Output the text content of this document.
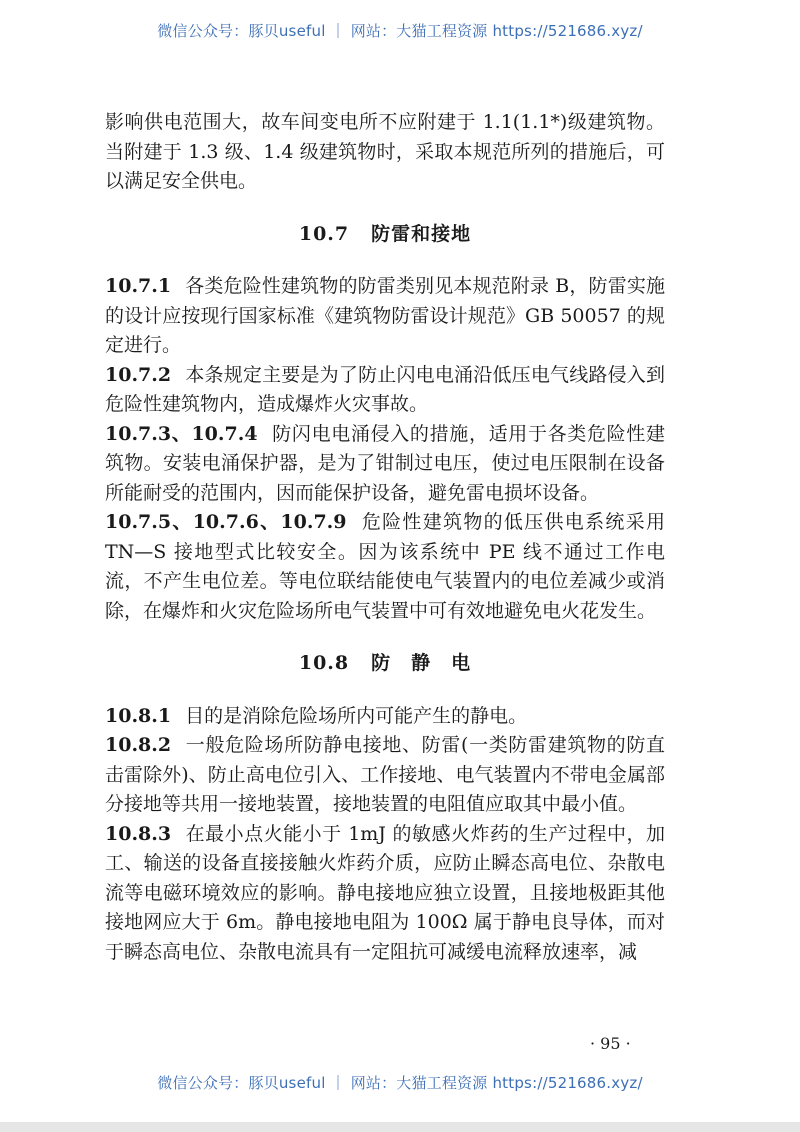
微信公众号：豚贝useful ｜ 网站：大猫工程资源 https://521686.xyz/

影响供电范围大，故车间变电所不应附建于 1.1(1.1*)级建筑物。当附建于 1.3 级、1.4 级建筑物时，采取本规范所列的措施后，可以满足安全供电。

10.7 防雷和接地

10.7.1 各类危险性建筑物的防雷类别见本规范附录 B，防雷实施的设计应按现行国家标准《建筑物防雷设计规范》GB 50057 的规定进行。

10.7.2 本条规定主要是为了防止闪电电涌沿低压电气线路侵入到危险性建筑物内，造成爆炸火灾事故。

10.7.3、10.7.4 防闪电电涌侵入的措施，适用于各类危险性建筑物。安装电涌保护器，是为了钳制过电压，使过电压限制在设备所能耐受的范围内，因而能保护设备，避免雷电损坏设备。

10.7.5、10.7.6、10.7.9 危险性建筑物的低压供电系统采用 TN—S 接地型式比较安全。因为该系统中 PE 线不通过工作电流，不产生电位差。等电位联结能使电气装置内的电位差减少或消除，在爆炸和火灾危险场所电气装置中可有效地避免电火花发生。

10.8 防　静　电

10.8.1 目的是消除危险场所内可能产生的静电。

10.8.2 一般危险场所防静电接地、防雷(一类防雷建筑物的防直击雷除外)、防止高电位引入、工作接地、电气装置内不带电金属部分接地等共用一接地装置，接地装置的电阻值应取其中最小值。

10.8.3 在最小点火能小于 1mJ 的敏感火炸药的生产过程中，加工、输送的设备直接接触火炸药介质，应防止瞬态高电位、杂散电流等电磁环境效应的影响。静电接地应独立设置，且接地极距其他接地网应大于 6m。静电接地电阻为 100Ω 属于静电良导体，而对于瞬态高电位、杂散电流具有一定阻抗可减缓电流释放速率，减

· 95 ·
微信公众号：豚贝useful ｜ 网站：大猫工程资源 https://521686.xyz/
